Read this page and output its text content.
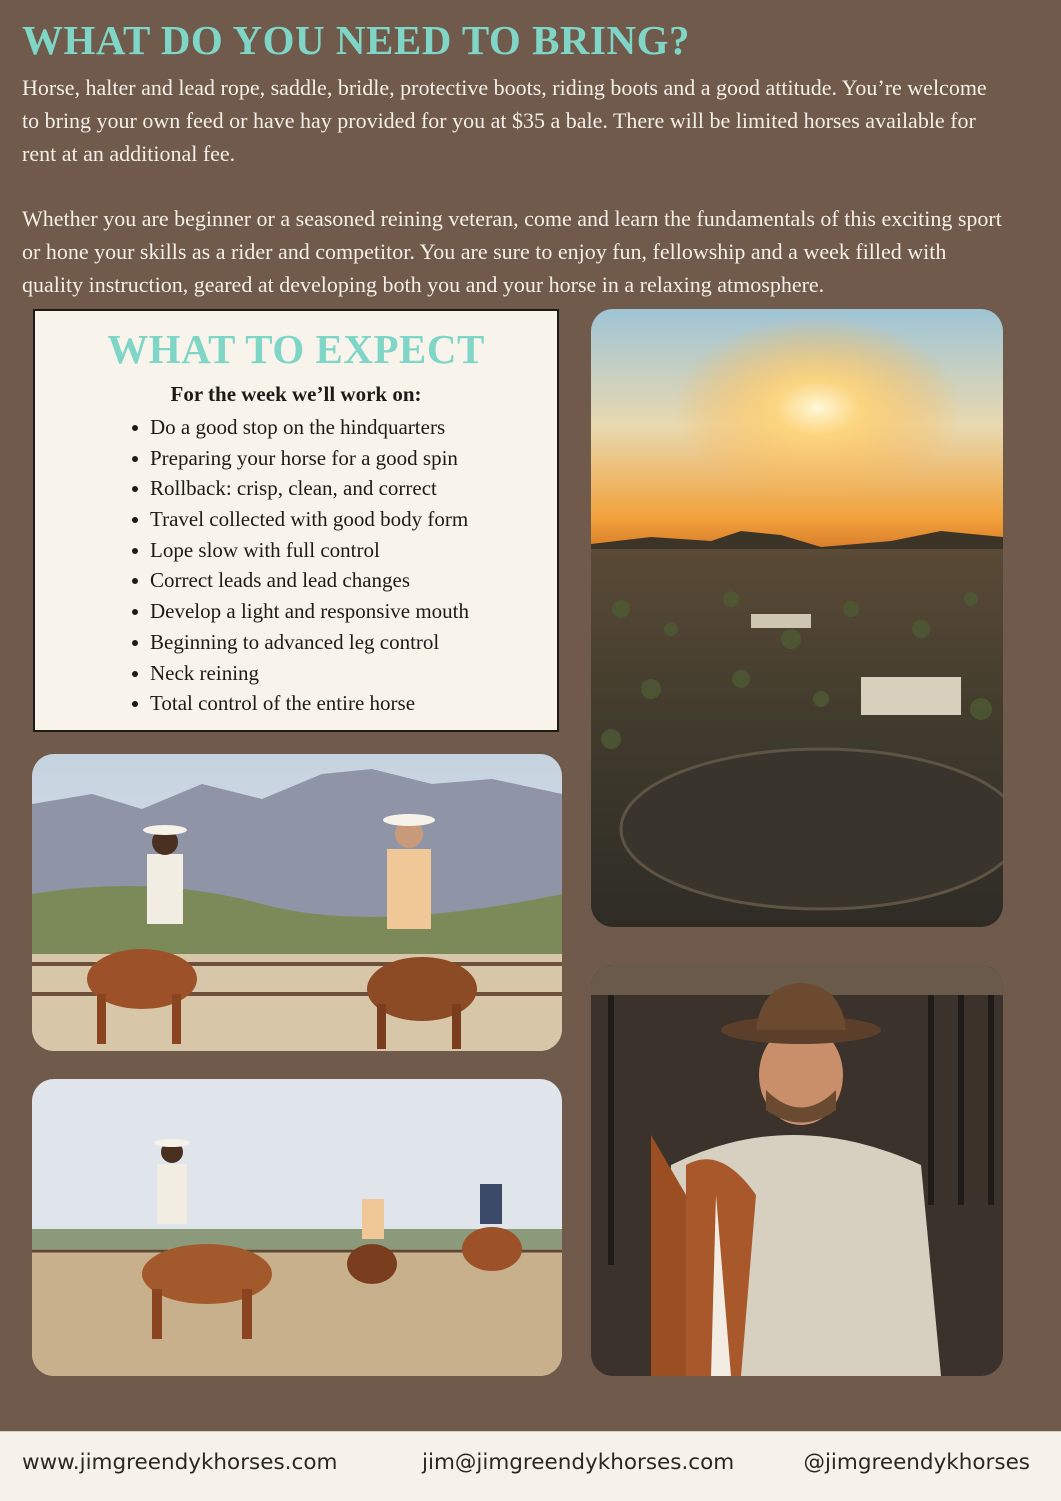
WHAT DO YOU NEED TO BRING?

Horse, halter and lead rope, saddle, bridle, protective boots, riding boots and a good attitude. You’re welcome to bring your own feed or have hay provided for you at $35 a bale. There will be limited horses available for rent at an additional fee.

Whether you are beginner or a seasoned reining veteran, come and learn the fundamentals of this exciting sport or hone your skills as a rider and competitor. You are sure to enjoy fun, fellowship and a week filled with quality instruction, geared at developing both you and your horse in a relaxing atmosphere.

WHAT TO EXPECT
For the week we’ll work on:
Do a good stop on the hindquarters
Preparing your horse for a good spin
Rollback: crisp, clean, and correct
Travel collected with good body form
Lope slow with full control
Correct leads and lead changes
Develop a light and responsive mouth
Beginning to advanced leg control
Neck reining
Total control of the entire horse
www.jimgreendykhorses.com	jim@jimgreendykhorses.com	@jimgreendykhorses
